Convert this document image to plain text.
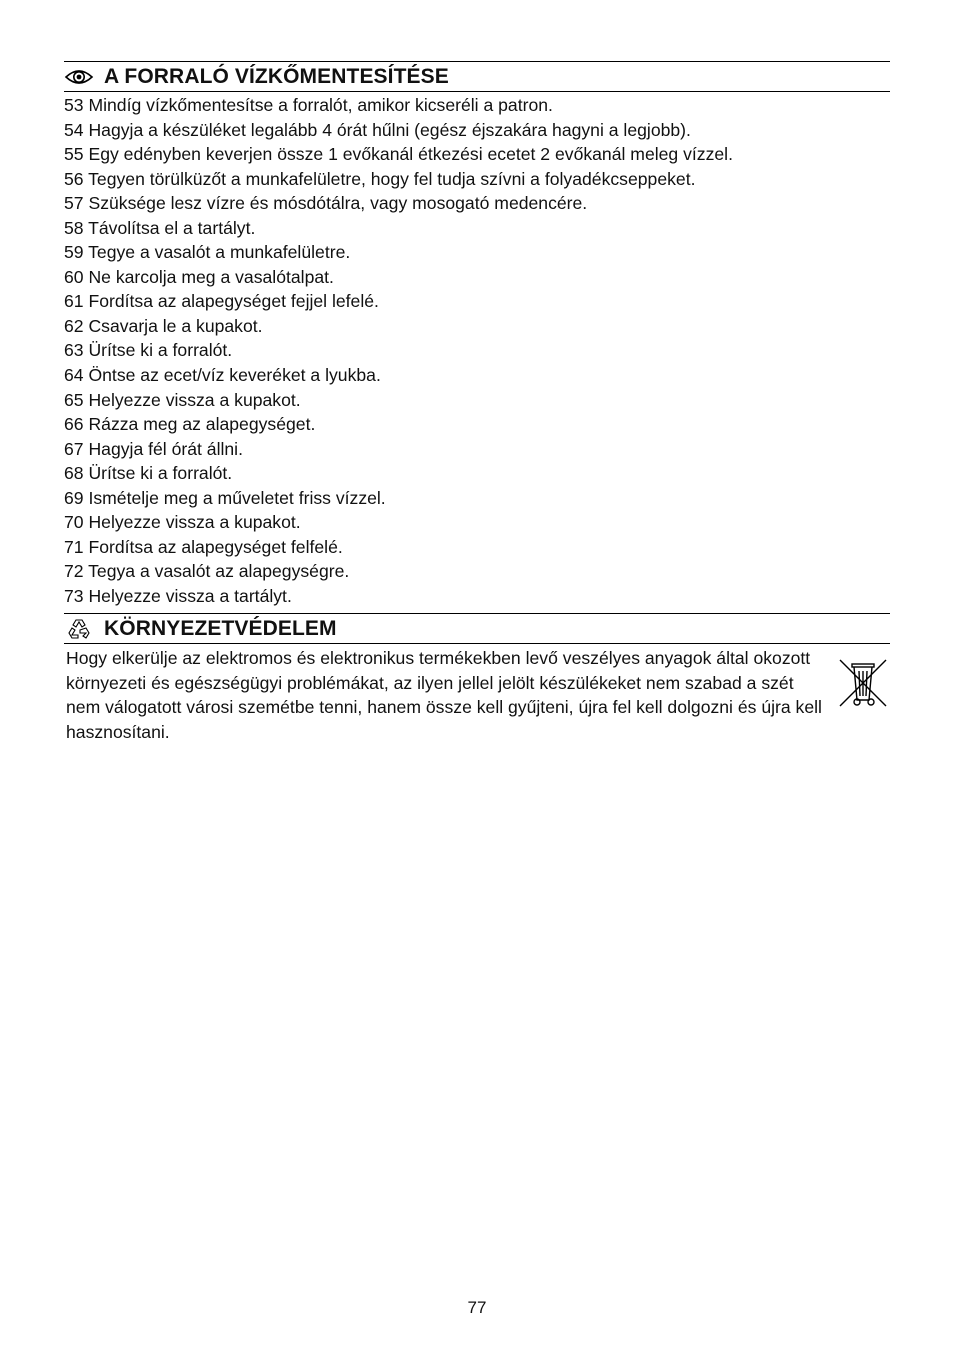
A FORRALÓ VÍZKŐMENTESÍTÉSE
53 Mindíg vízkőmentesítse a forralót, amikor kicseréli a patron.
54 Hagyja a készüléket legalább 4 órát hűlni (egész éjszakára hagyni a legjobb).
55 Egy edényben keverjen össze 1 evőkanál étkezési ecetet 2 evőkanál meleg vízzel.
56 Tegyen törülküzőt a munkafelületre, hogy fel tudja szívni a folyadékcseppeket.
57 Szüksége lesz vízre és mósdótálra, vagy mosogató medencére.
58 Távolítsa el a tartályt.
59 Tegye a vasalót a munkafelületre.
60 Ne karcolja meg a vasalótalpat.
61 Fordítsa az alapegységet fejjel lefelé.
62 Csavarja le a kupakot.
63 Ürítse ki a forralót.
64 Öntse az ecet/víz keveréket a lyukba.
65 Helyezze vissza a kupakot.
66 Rázza meg az alapegységet.
67 Hagyja fél órát állni.
68 Ürítse ki a forralót.
69 Ismételje meg a műveletet friss vízzel.
70 Helyezze vissza a kupakot.
71 Fordítsa az alapegységet felfelé.
72 Tegya a vasalót az alapegységre.
73 Helyezze vissza a tartályt.
KÖRNYEZETVÉDELEM
Hogy elkerülje az elektromos és elektronikus termékekben levő veszélyes anyagok által okozott környezeti és egészségügyi problémákat, az ilyen jellel jelölt készülékeket nem szabad a szét nem válogatott városi szemétbe tenni, hanem össze kell gyűjteni, újra fel kell dolgozni és újra kell hasznosítani.
77
